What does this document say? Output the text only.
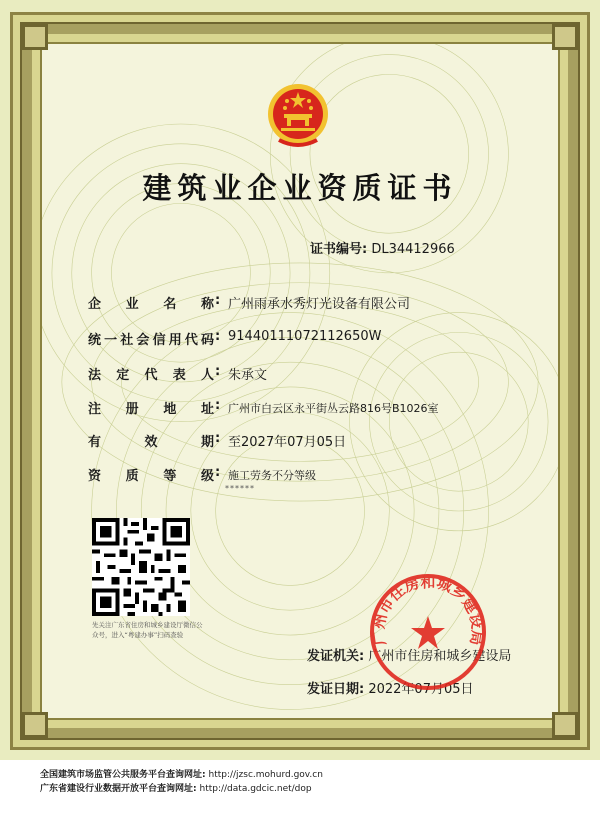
建筑业企业资质证书
证书编号: DL34412966
企业名称 : 广州雨承水秀灯光设备有限公司
统一社会信用代码 : 91440111072112650W
法定代表人 : 朱承文
注册地址 : 广州市白云区永平街丛云路816号B1026室
有效期 : 至2027年07月05日
资质等级 : 施工劳务不分等级
******
先关注广东省住房和城乡建设厅微信公众号，进入“粤建办事”扫码查验
发证机关: 广州市住房和城乡建设局
发证日期: 2022年07月05日
广州市住房和城乡建设局
全国建筑市场监管公共服务平台查询网址: http://jzsc.mohurd.gov.cn
广东省建设行业数据开放平台查询网址: http://data.gdcic.net/dop
